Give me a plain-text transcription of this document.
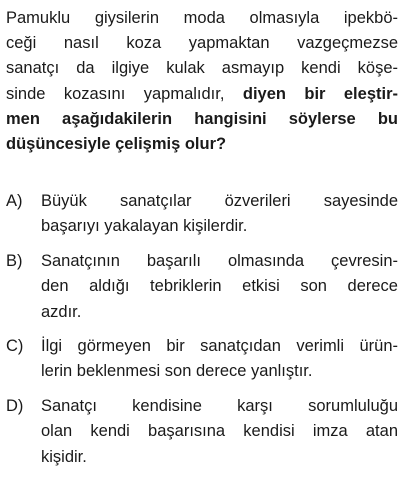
Pamuklu giysilerin moda olmasıyla ipekbö-
ceği nasıl koza yapmaktan vazgeçmezse
sanatçı da ilgiye kulak asmayıp kendi köşe-
sinde kozasını yapmalıdır, diyen bir eleştir-
men aşağıdakilerin hangisini söylerse bu
düşüncesiyle çelişmiş olur?
A) Büyük sanatçılar özverileri sayesinde
başarıyı yakalayan kişilerdir.
B) Sanatçının başarılı olmasında çevresin-
den aldığı tebriklerin etkisi son derece
azdır.
C) İlgi görmeyen bir sanatçıdan verimli ürün-
lerin beklenmesi son derece yanlıştır.
D) Sanatçı kendisine karşı sorumluluğu
olan kendi başarısına kendisi imza atan
kişidir.
